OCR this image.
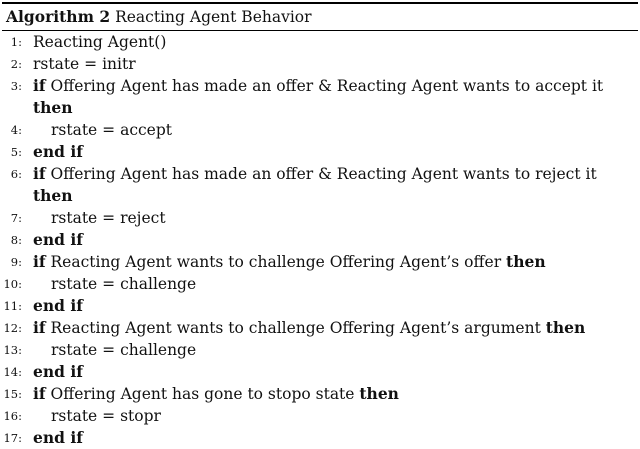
Algorithm 2 Reacting Agent Behavior
1: Reacting Agent()
2: rstate = initr
3: if Offering Agent has made an offer & Reacting Agent wants to accept it
then
4: rstate = accept
5: end if
6: if Offering Agent has made an offer & Reacting Agent wants to reject it
then
7: rstate = reject
8: end if
9: if Reacting Agent wants to challenge Offering Agent’s offer then
10: rstate = challenge
11: end if
12: if Reacting Agent wants to challenge Offering Agent’s argument then
13: rstate = challenge
14: end if
15: if Offering Agent has gone to stopo state then
16: rstate = stopr
17: end if
